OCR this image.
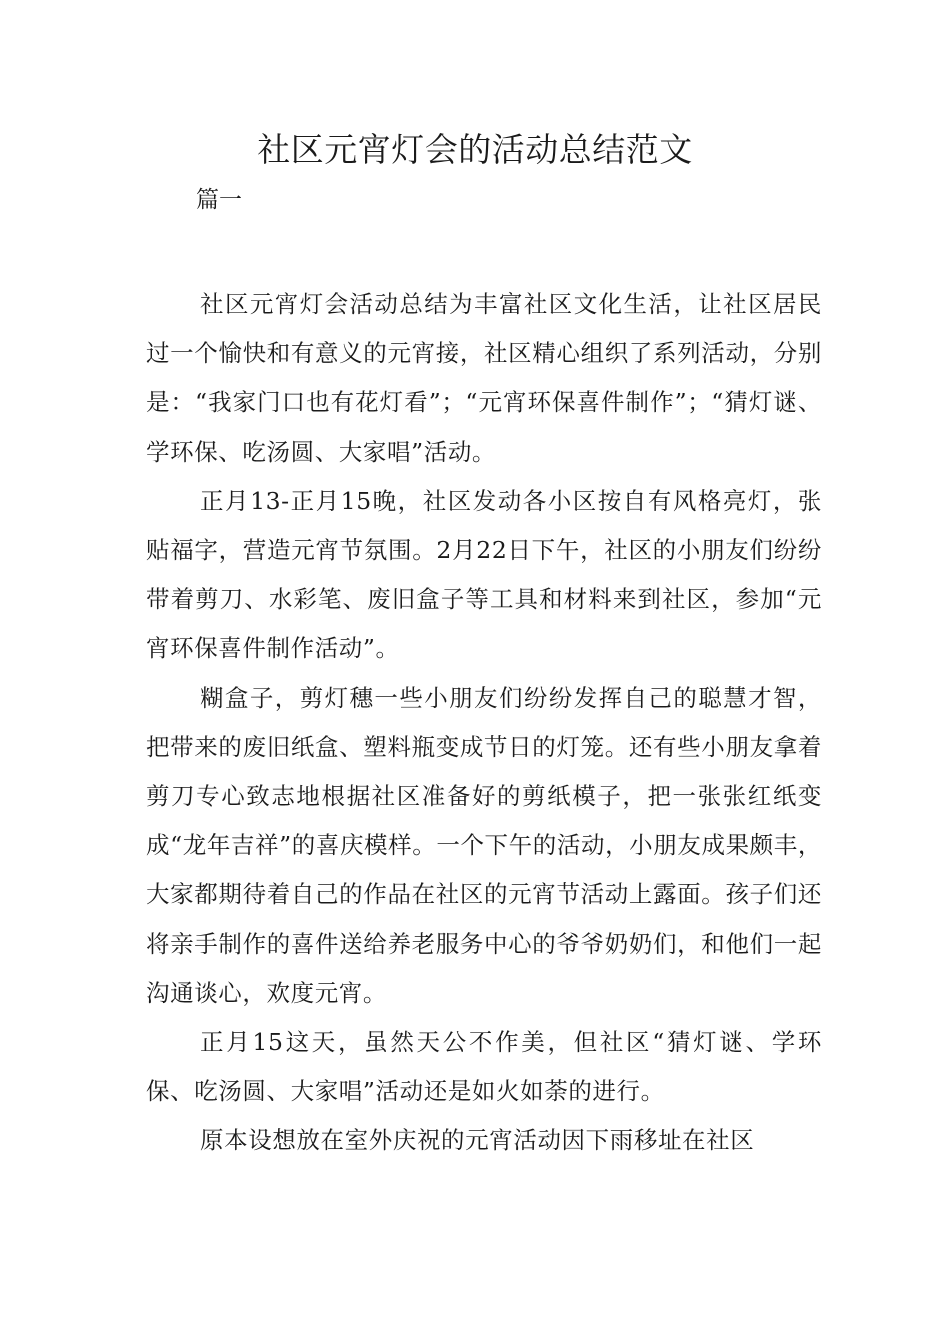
社区元宵灯会的活动总结范文
篇一

社区元宵灯会活动总结为丰富社区文化生活，让社区居民过一个愉快和有意义的元宵接，社区精心组织了系列活动，分别是：“我家门口也有花灯看”；“元宵环保喜件制作”；“猜灯谜、学环保、吃汤圆、大家唱”活动。

正月13-正月15晚，社区发动各小区按自有风格亮灯，张贴福字，营造元宵节氛围。2月22日下午，社区的小朋友们纷纷带着剪刀、水彩笔、废旧盒子等工具和材料来到社区，参加“元宵环保喜件制作活动”。

糊盒子，剪灯穗一些小朋友们纷纷发挥自己的聪慧才智，把带来的废旧纸盒、塑料瓶变成节日的灯笼。还有些小朋友拿着剪刀专心致志地根据社区准备好的剪纸模子，把一张张红纸变成“龙年吉祥”的喜庆模样。一个下午的活动，小朋友成果颇丰，大家都期待着自己的作品在社区的元宵节活动上露面。孩子们还将亲手制作的喜件送给养老服务中心的爷爷奶奶们，和他们一起沟通谈心，欢度元宵。

正月15这天，虽然天公不作美，但社区“猜灯谜、学环保、吃汤圆、大家唱”活动还是如火如荼的进行。

原本设想放在室外庆祝的元宵活动因下雨移址在社区
